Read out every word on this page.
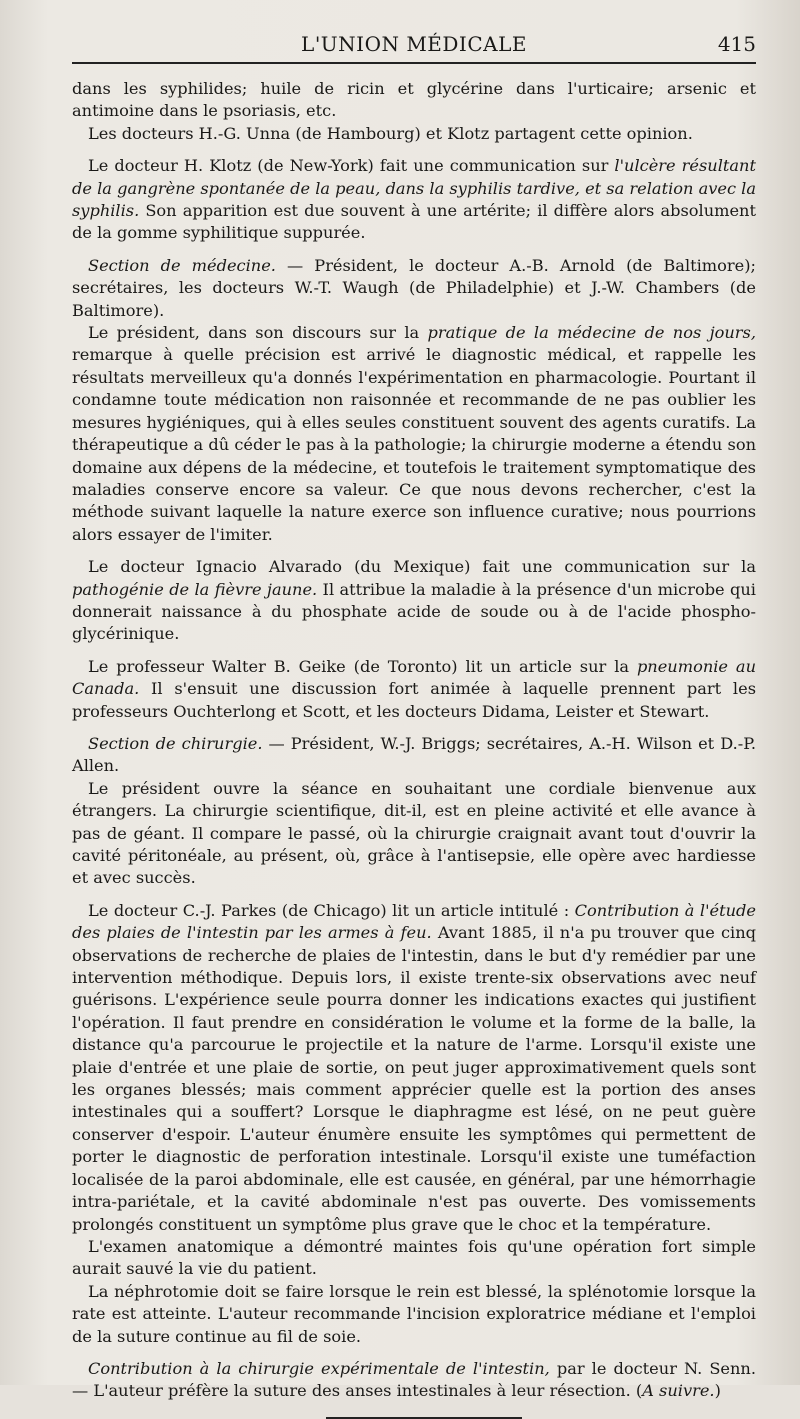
L'UNION MÉDICALE	415

dans les syphilides; huile de ricin et glycérine dans l'urticaire; arsenic et antimoine dans le psoriasis, etc.

Les docteurs H.-G. Unna (de Hambourg) et Klotz partagent cette opinion.

Le docteur H. Klotz (de New-York) fait une communication sur l'ulcère résultant de la gangrène spontanée de la peau, dans la syphilis tardive, et sa relation avec la syphilis. Son apparition est due souvent à une artérite; il diffère alors absolument de la gomme syphilitique suppurée.

Section de médecine. — Président, le docteur A.-B. Arnold (de Baltimore); secrétaires, les docteurs W.-T. Waugh (de Philadelphie) et J.-W. Chambers (de Baltimore).

Le président, dans son discours sur la pratique de la médecine de nos jours, remarque à quelle précision est arrivé le diagnostic médical, et rappelle les résultats merveilleux qu'a donnés l'expérimentation en pharmacologie. Pourtant il condamne toute médication non raisonnée et recommande de ne pas oublier les mesures hygiéniques, qui à elles seules constituent souvent des agents curatifs. La thérapeutique a dû céder le pas à la pathologie; la chirurgie moderne a étendu son domaine aux dépens de la médecine, et toutefois le traitement symptomatique des maladies conserve encore sa valeur. Ce que nous devons rechercher, c'est la méthode suivant laquelle la nature exerce son influence curative; nous pourrions alors essayer de l'imiter.

Le docteur Ignacio Alvarado (du Mexique) fait une communication sur la pathogénie de la fièvre jaune. Il attribue la maladie à la présence d'un microbe qui donnerait naissance à du phosphate acide de soude ou à de l'acide phospho-glycérinique.

Le professeur Walter B. Geike (de Toronto) lit un article sur la pneumonie au Canada. Il s'ensuit une discussion fort animée à laquelle prennent part les professeurs Ouchterlong et Scott, et les docteurs Didama, Leister et Stewart.

Section de chirurgie. — Président, W.-J. Briggs; secrétaires, A.-H. Wilson et D.-P. Allen.

Le président ouvre la séance en souhaitant une cordiale bienvenue aux étrangers. La chirurgie scientifique, dit-il, est en pleine activité et elle avance à pas de géant. Il compare le passé, où la chirurgie craignait avant tout d'ouvrir la cavité péritonéale, au présent, où, grâce à l'antisepsie, elle opère avec hardiesse et avec succès.

Le docteur C.-J. Parkes (de Chicago) lit un article intitulé : Contribution à l'étude des plaies de l'intestin par les armes à feu. Avant 1885, il n'a pu trouver que cinq observations de recherche de plaies de l'intestin, dans le but d'y remédier par une intervention méthodique. Depuis lors, il existe trente-six observations avec neuf guérisons. L'expérience seule pourra donner les indications exactes qui justifient l'opération. Il faut prendre en considération le volume et la forme de la balle, la distance qu'a parcourue le projectile et la nature de l'arme. Lorsqu'il existe une plaie d'entrée et une plaie de sortie, on peut juger approximativement quels sont les organes blessés; mais comment apprécier quelle est la portion des anses intestinales qui a souffert? Lorsque le diaphragme est lésé, on ne peut guère conserver d'espoir. L'auteur énumère ensuite les symptômes qui permettent de porter le diagnostic de perforation intestinale. Lorsqu'il existe une tuméfaction localisée de la paroi abdominale, elle est causée, en général, par une hémorrhagie intra-pariétale, et la cavité abdominale n'est pas ouverte. Des vomissements prolongés constituent un symptôme plus grave que le choc et la température.

L'examen anatomique a démontré maintes fois qu'une opération fort simple aurait sauvé la vie du patient.

La néphrotomie doit se faire lorsque le rein est blessé, la splénotomie lorsque la rate est atteinte. L'auteur recommande l'incision exploratrice médiane et l'emploi de la suture continue au fil de soie.

Contribution à la chirurgie expérimentale de l'intestin, par le docteur N. Senn. — L'auteur préfère la suture des anses intestinales à leur résection. (A suivre.)
